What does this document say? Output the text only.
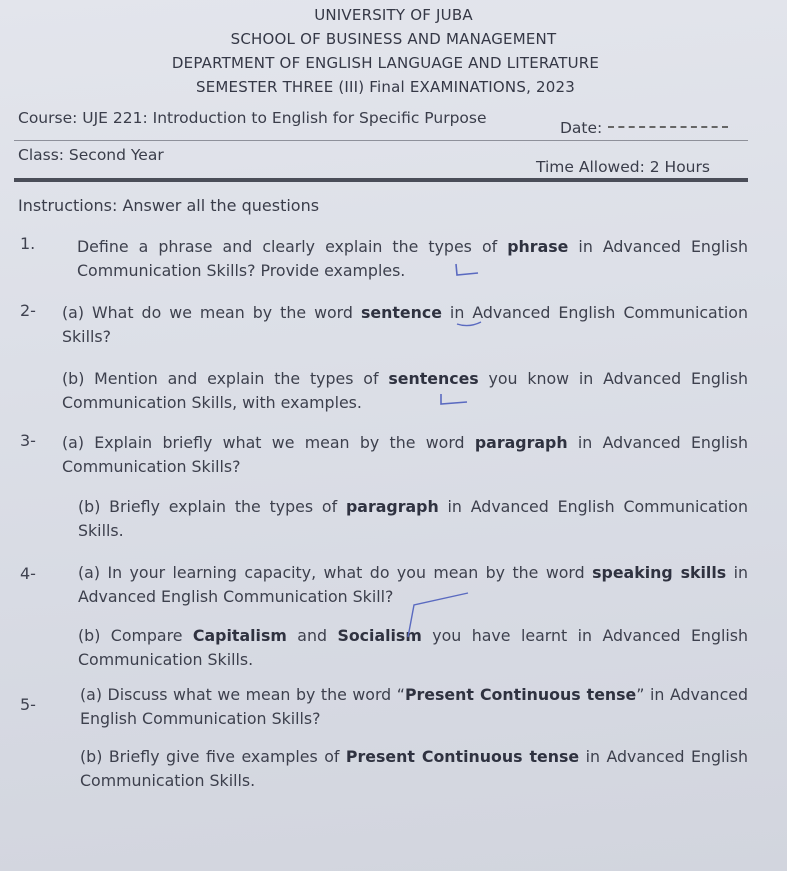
UNIVERSITY OF JUBA
SCHOOL OF BUSINESS AND MANAGEMENT
DEPARTMENT OF ENGLISH LANGUAGE AND LITERATURE
SEMESTER THREE (III) Final EXAMINATIONS, 2023
Course: UJE 221: Introduction to English for Specific Purpose
Date:
Class: Second Year
Time Allowed: 2 Hours
Instructions: Answer all the questions
1.	Define a phrase and clearly explain the types of phrase in Advanced English Communication Skills? Provide examples.
2- (a) What do we mean by the word sentence in Advanced English Communication Skills?
(b) Mention and explain the types of sentences you know in Advanced English Communication Skills, with examples.
3- (a) Explain briefly what we mean by the word paragraph in Advanced English Communication Skills?
(b) Briefly explain the types of paragraph in Advanced English Communication Skills.
4-	(a) In your learning capacity, what do you mean by the word speaking skills in Advanced English Communication Skill?
(b) Compare Capitalism and Socialism you have learnt in Advanced English Communication Skills.
5-
(a) Discuss what we mean by the word “Present Continuous tense” in Advanced English Communication Skills?
(b) Briefly give five examples of Present Continuous tense in Advanced English Communication Skills.
